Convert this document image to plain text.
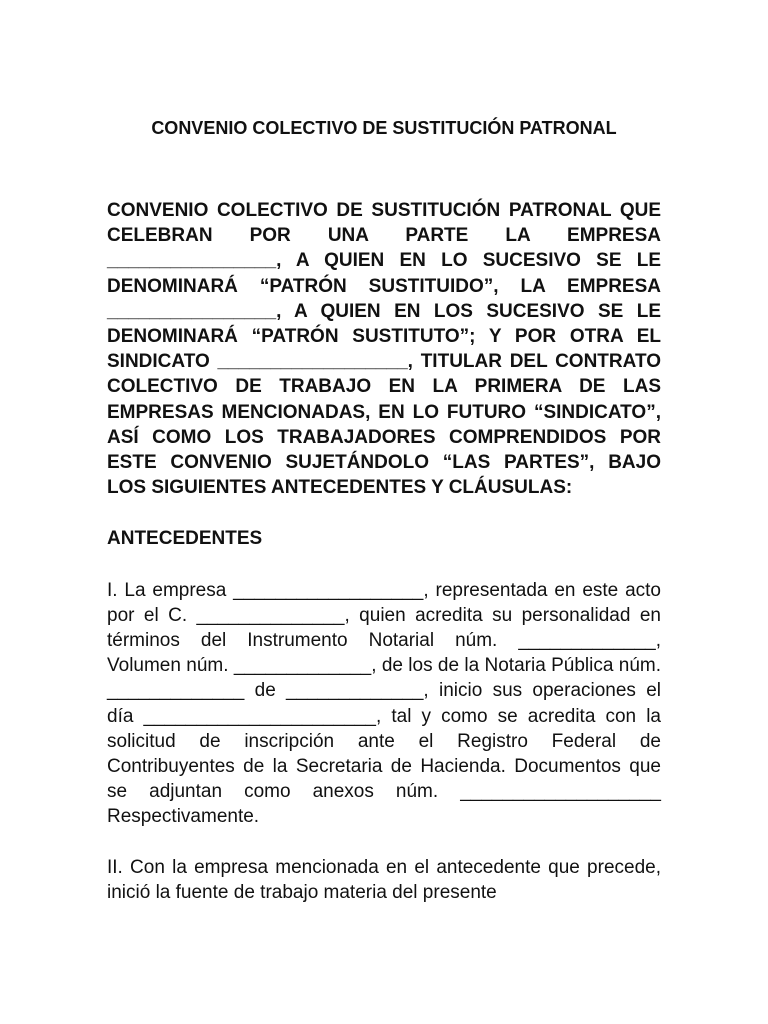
CONVENIO COLECTIVO DE SUSTITUCIÓN PATRONAL

CONVENIO COLECTIVO DE SUSTITUCIÓN PATRONAL QUE CELEBRAN POR UNA PARTE LA EMPRESA ________________, A QUIEN EN LO SUCESIVO SE LE DENOMINARÁ “PATRÓN SUSTITUIDO”, LA EMPRESA ________________, A QUIEN EN LOS SUCESIVO SE LE DENOMINARÁ “PATRÓN SUSTITUTO”; Y POR OTRA EL SINDICATO __________________, TITULAR DEL CONTRATO COLECTIVO DE TRABAJO EN LA PRIMERA DE LAS EMPRESAS MENCIONADAS, EN LO FUTURO “SINDICATO”, ASÍ COMO LOS TRABAJADORES COMPRENDIDOS POR ESTE CONVENIO SUJETÁNDOLO “LAS PARTES”, BAJO LOS SIGUIENTES ANTECEDENTES Y CLÁUSULAS:

ANTECEDENTES

I. La empresa __________________, representada en este acto por el C. ______________, quien acredita su personalidad en términos del Instrumento Notarial núm. _____________, Volumen núm. _____________, de los de la Notaria Pública núm. _____________ de _____________, inicio sus operaciones el día ______________________, tal y como se acredita con la solicitud de inscripción ante el Registro Federal de Contribuyentes de la Secretaria de Hacienda. Documentos que se adjuntan como anexos núm. ___________________ Respectivamente.

II. Con la empresa mencionada en el antecedente que precede, inició la fuente de trabajo materia del presente
